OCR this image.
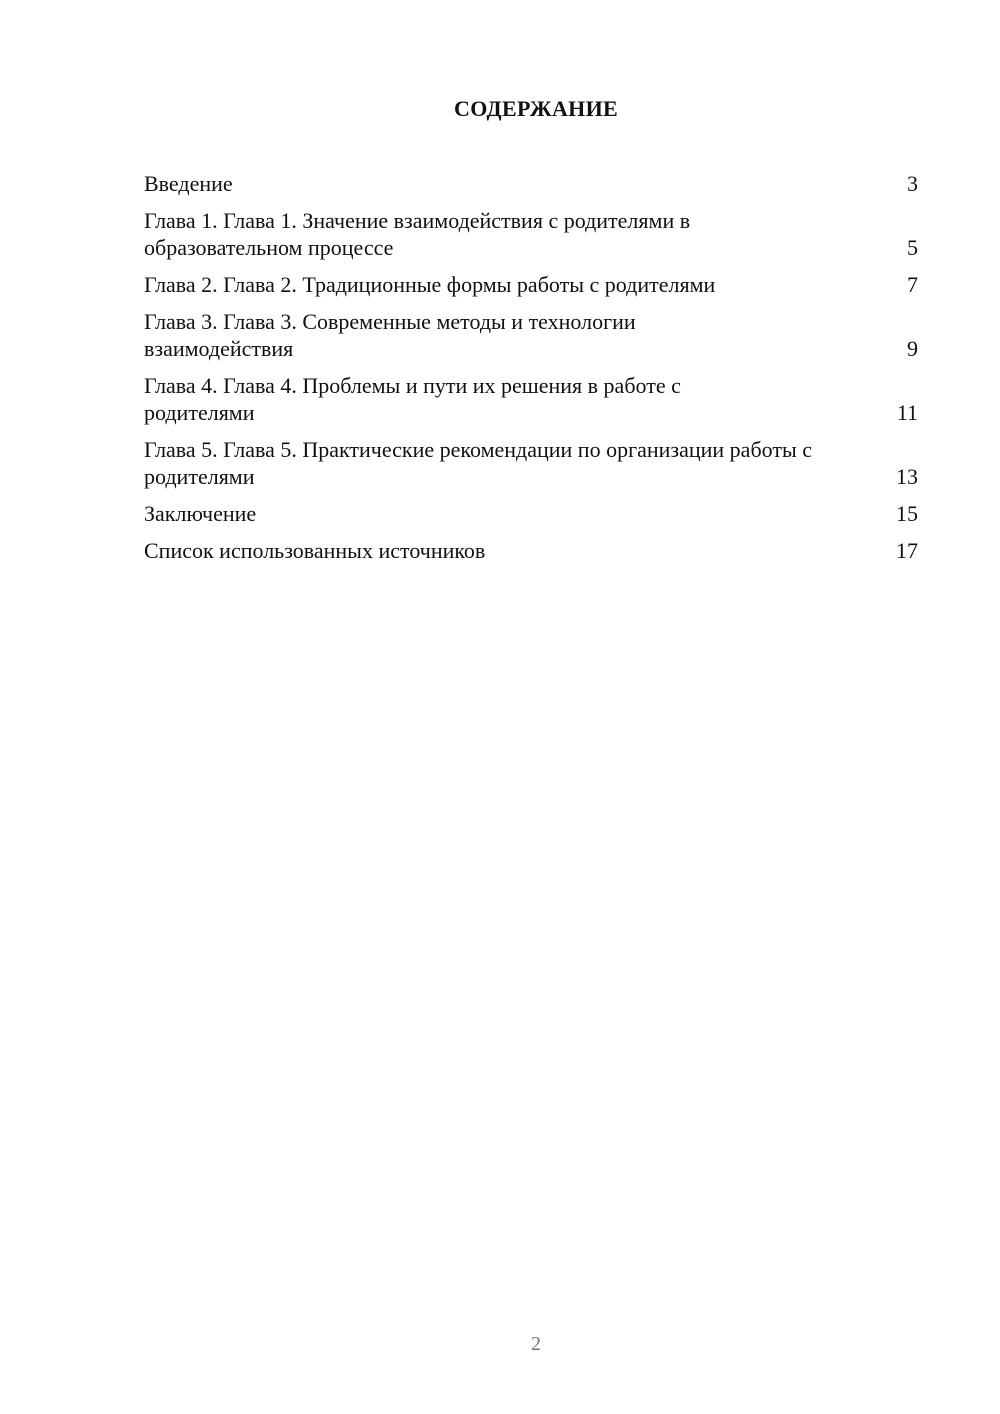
СОДЕРЖАНИЕ
Введение	3
Глава 1. Глава 1. Значение взаимодействия с родителями в образовательном процессе	5
Глава 2. Глава 2. Традиционные формы работы с родителями	7
Глава 3. Глава 3. Современные методы и технологии взаимодействия	9
Глава 4. Глава 4. Проблемы и пути их решения в работе с родителями	11
Глава 5. Глава 5. Практические рекомендации по организации работы с родителями	13
Заключение	15
Список использованных источников	17
2
